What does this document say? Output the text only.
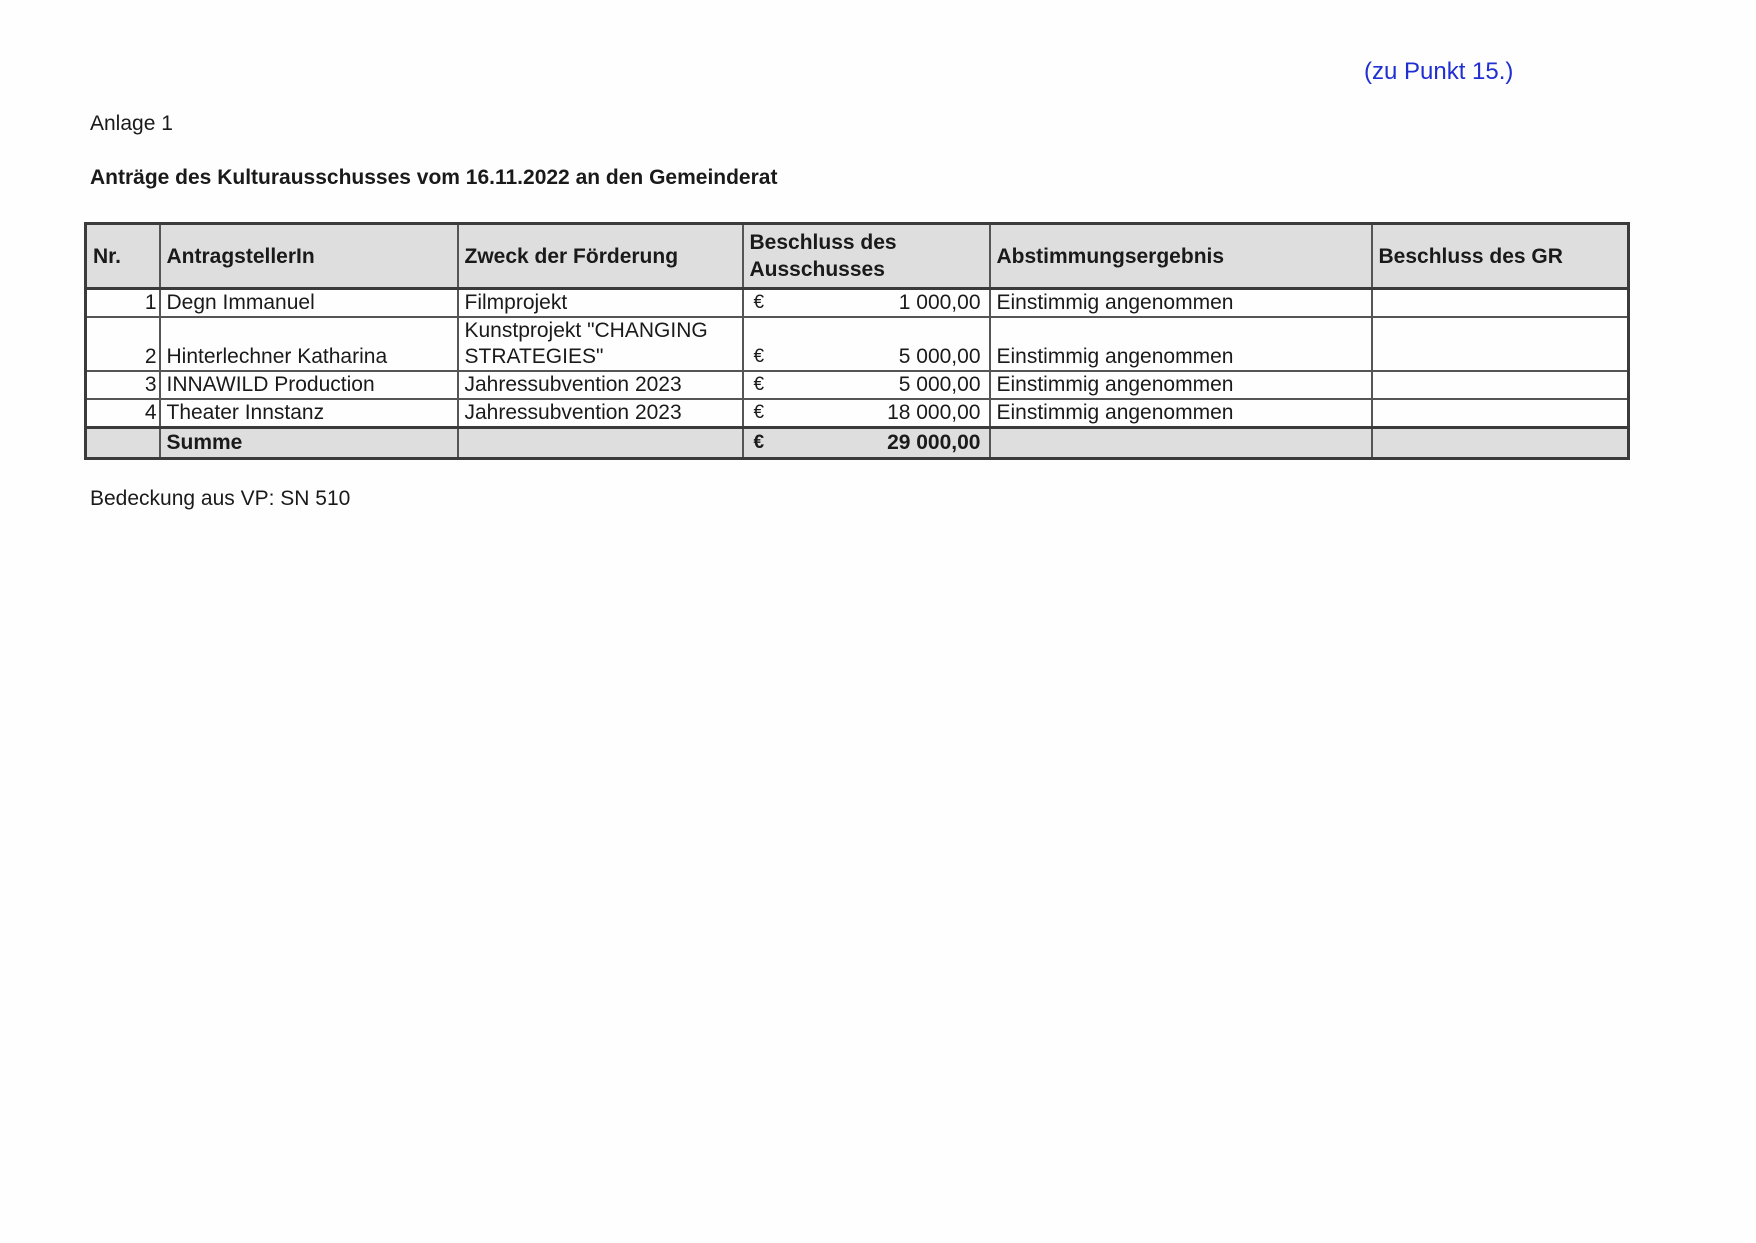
(zu Punkt 15.)
Anlage 1
Anträge des Kulturausschusses vom 16.11.2022 an den Gemeinderat
Nr.	AntragstellerIn	Zweck der Förderung	Beschluss des Ausschusses	Abstimmungsergebnis	Beschluss des GR
1	Degn Immanuel	Filmprojekt	€ 1 000,00	Einstimmig angenommen	
2	Hinterlechner Katharina	Kunstprojekt "CHANGING STRATEGIES"	€ 5 000,00	Einstimmig angenommen	
3	INNAWILD Production	Jahressubvention 2023	€ 5 000,00	Einstimmig angenommen	
4	Theater Innstanz	Jahressubvention 2023	€ 18 000,00	Einstimmig angenommen	
	Summe		€ 29 000,00		

Bedeckung aus VP: SN 510
